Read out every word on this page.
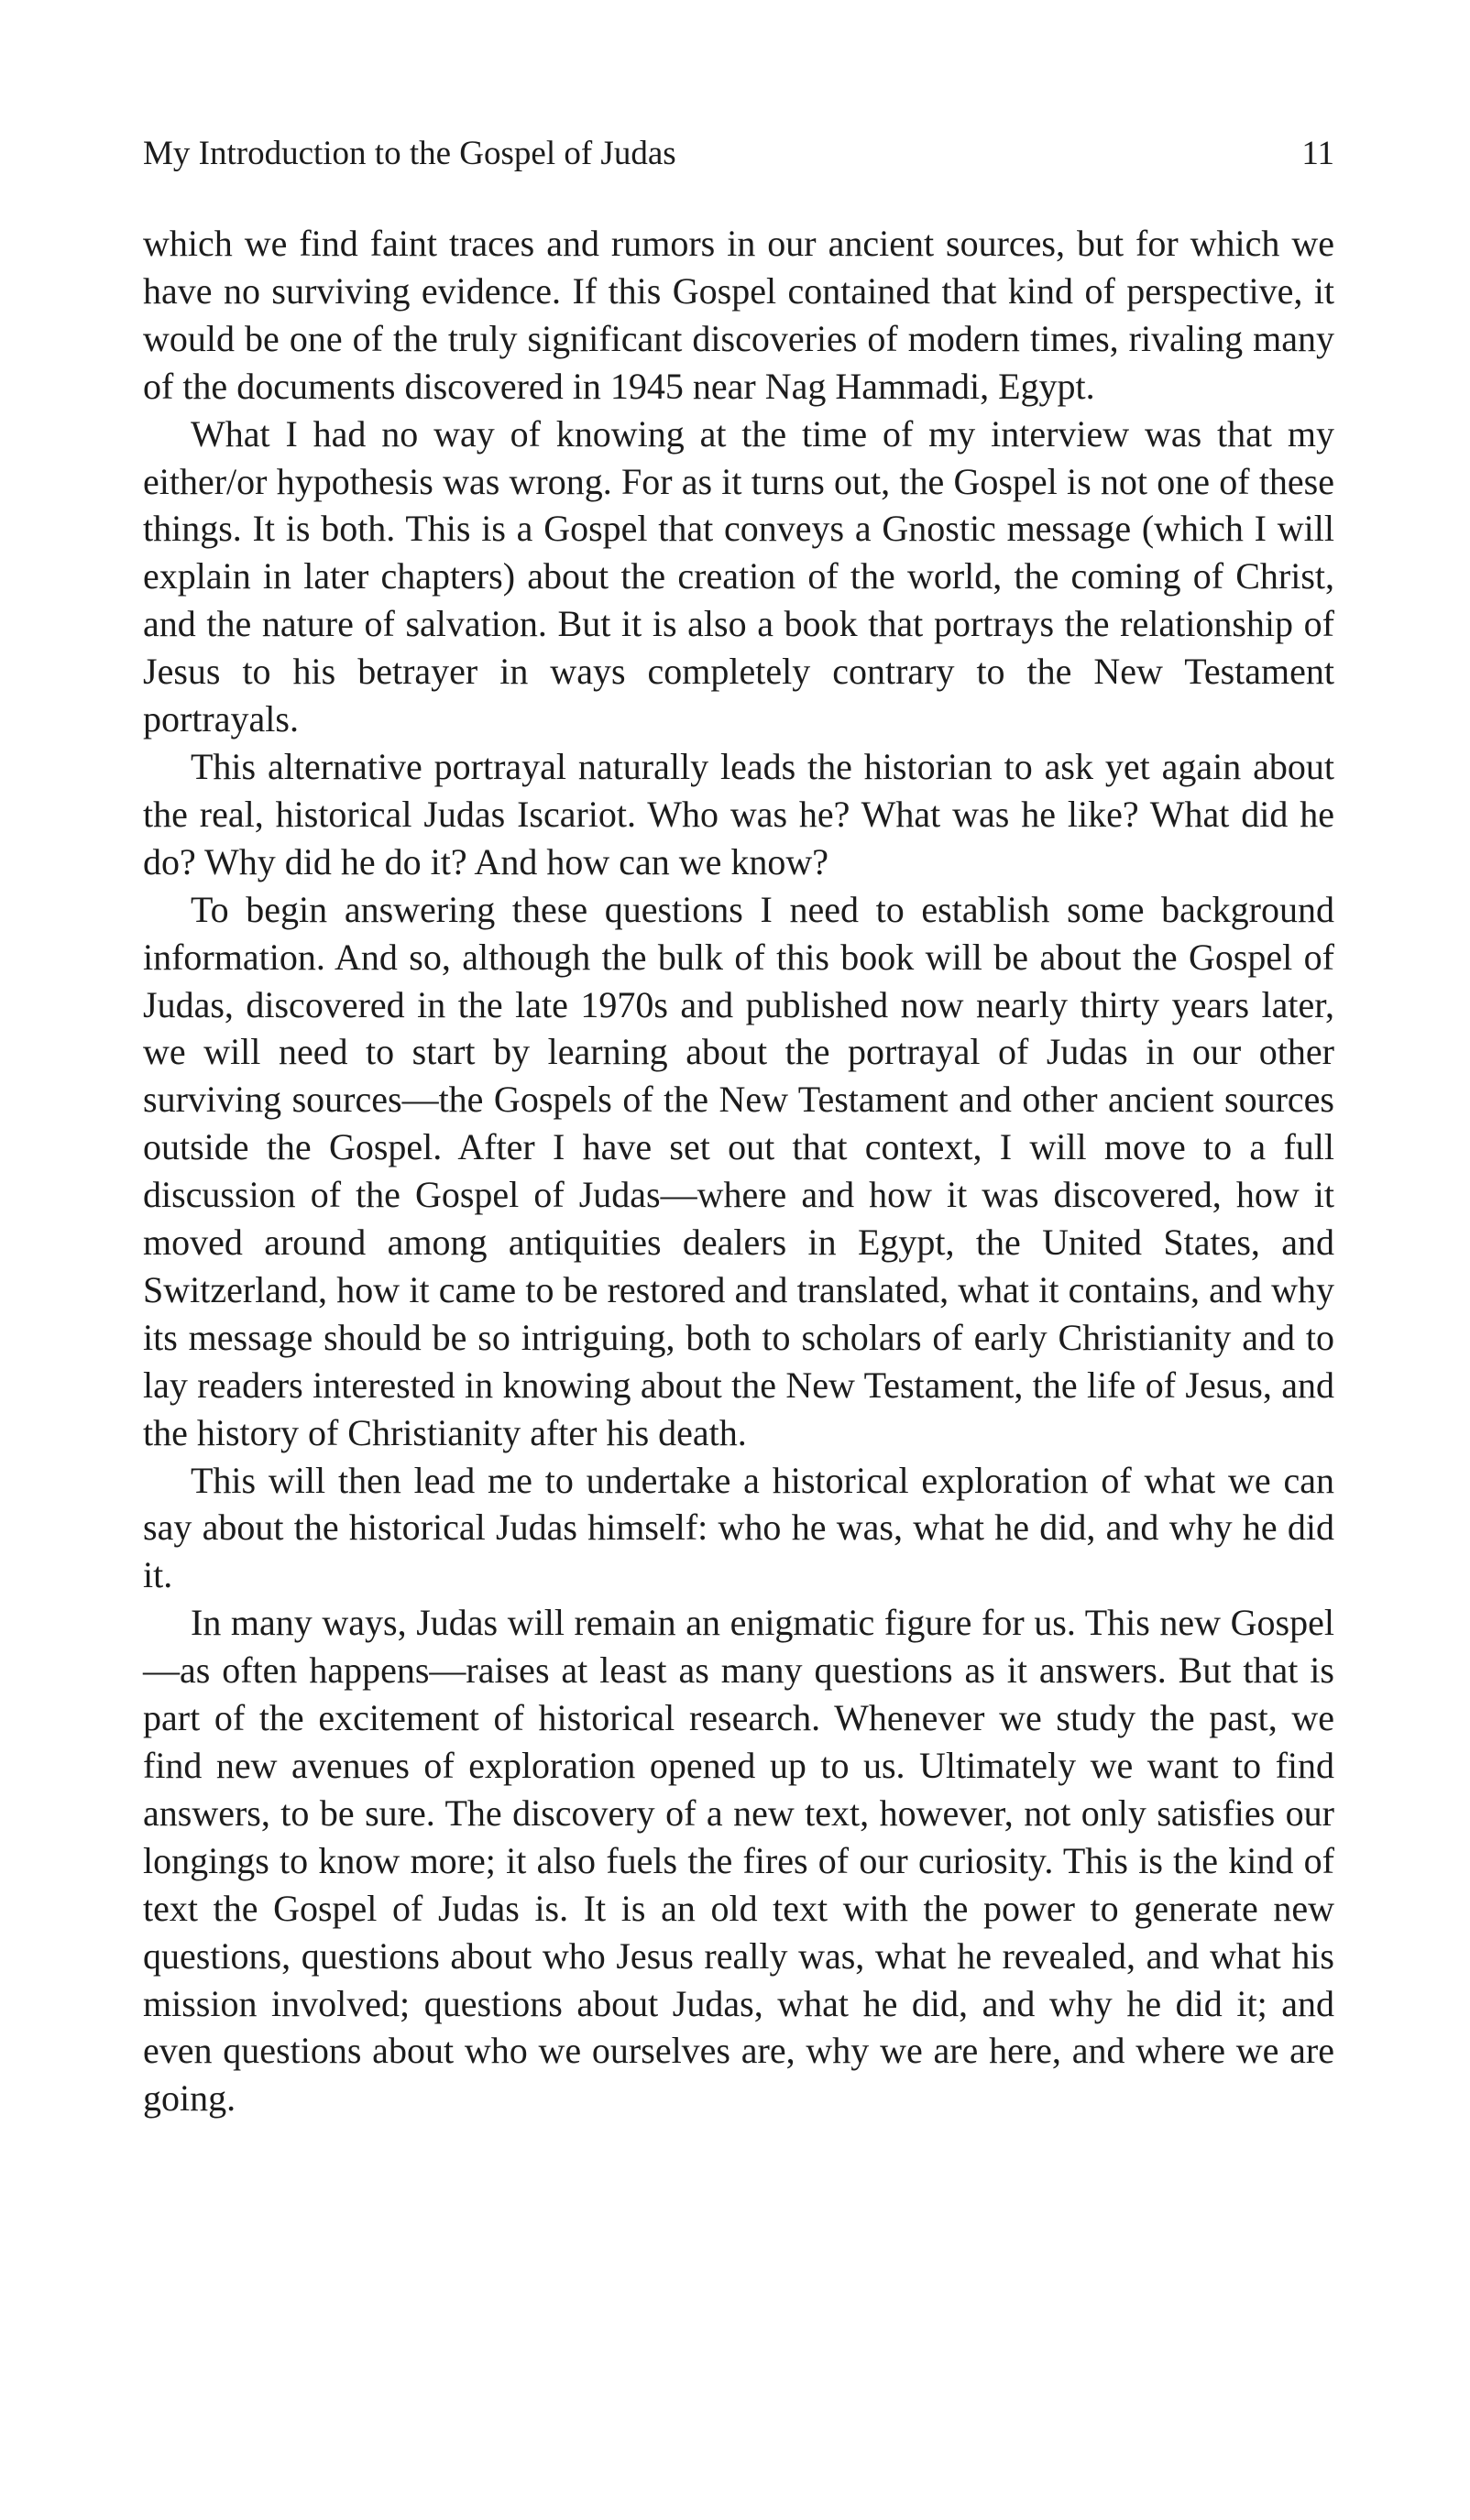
My Introduction to the Gospel of Judas	11

which we find faint traces and rumors in our ancient sources, but for which we have no surviving evidence. If this Gospel contained that kind of perspective, it would be one of the truly significant discoveries of modern times, rivaling many of the documents discovered in 1945 near Nag Hammadi, Egypt.

What I had no way of knowing at the time of my interview was that my either/or hypothesis was wrong. For as it turns out, the Gospel is not one of these things. It is both. This is a Gospel that conveys a Gnostic message (which I will explain in later chapters) about the creation of the world, the coming of Christ, and the nature of salvation. But it is also a book that portrays the relationship of Jesus to his betrayer in ways completely contrary to the New Testament portrayals.

This alternative portrayal naturally leads the historian to ask yet again about the real, historical Judas Iscariot. Who was he? What was he like? What did he do? Why did he do it? And how can we know?

To begin answering these questions I need to establish some background information. And so, although the bulk of this book will be about the Gospel of Judas, discovered in the late 1970s and published now nearly thirty years later, we will need to start by learning about the portrayal of Judas in our other surviving sources—the Gospels of the New Testament and other ancient sources outside the Gospel. After I have set out that context, I will move to a full discussion of the Gospel of Judas—where and how it was discovered, how it moved around among antiquities dealers in Egypt, the United States, and Switzerland, how it came to be restored and translated, what it contains, and why its message should be so intriguing, both to scholars of early Christianity and to lay readers interested in knowing about the New Testament, the life of Jesus, and the history of Christianity after his death.

This will then lead me to undertake a historical exploration of what we can say about the historical Judas himself: who he was, what he did, and why he did it.

In many ways, Judas will remain an enigmatic figure for us. This new Gospel—as often happens—raises at least as many questions as it answers. But that is part of the excitement of historical research. Whenever we study the past, we find new avenues of exploration opened up to us. Ultimately we want to find answers, to be sure. The discovery of a new text, however, not only satisfies our longings to know more; it also fuels the fires of our curiosity. This is the kind of text the Gospel of Judas is. It is an old text with the power to generate new questions, questions about who Jesus really was, what he revealed, and what his mission involved; questions about Judas, what he did, and why he did it; and even questions about who we ourselves are, why we are here, and where we are going.
